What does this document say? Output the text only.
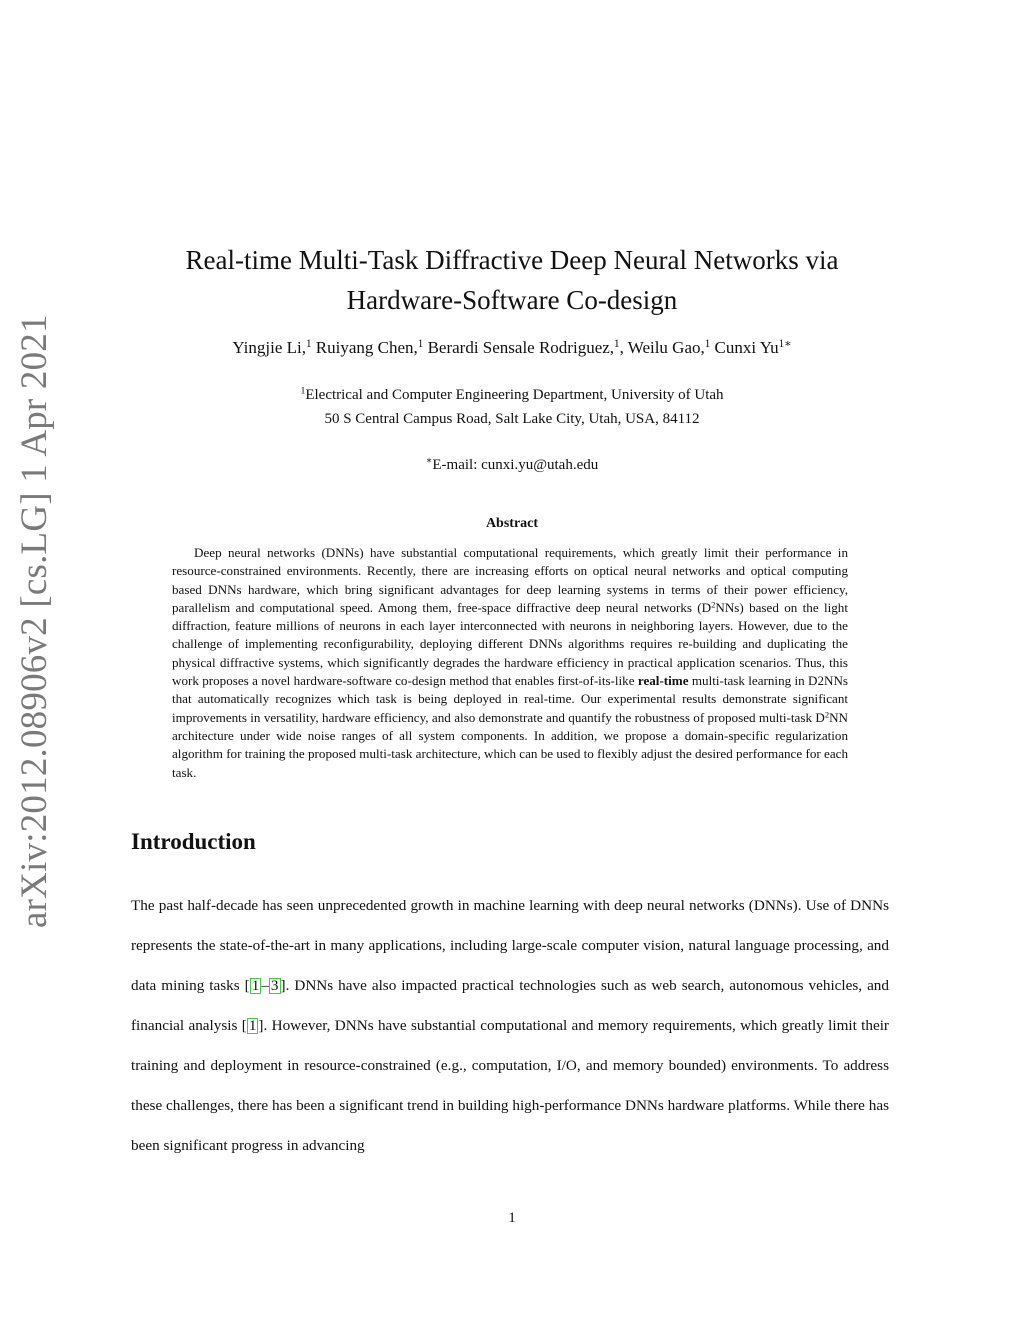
arXiv:2012.08906v2 [cs.LG] 1 Apr 2021
Real-time Multi-Task Diffractive Deep Neural Networks via
Hardware-Software Co-design
Yingjie Li,$^1$ Ruiyang Chen,$^1$ Berardi Sensale Rodriguez,$^1$, Weilu Gao,$^1$ Cunxi $Yu^{1∗}$
$^1$Electrical and Computer Engineering Department, University of Utah
50 S Central Campus Road, Salt Lake City, Utah, USA, 84112
∗E-mail: cunxi.yu@utah.edu
Abstract

Deep neural networks (DNNs) have substantial computational requirements, which greatly limit their performance in resource-constrained environments. Recently, there are increasing efforts on optical neural networks and optical computing based DNNs hardware, which bring significant advantages for deep learning systems in terms of their power efficiency, parallelism and computational speed. Among them, free-space diffractive deep neural networks $(D^2NNs)$ based on the light diffraction, feature millions of neurons in each layer interconnected with neurons in neighboring layers. However, due to the challenge of implementing reconfigurability, deploying different DNNs algorithms requires re-building and duplicating the physical diffractive systems, which significantly degrades the hardware efficiency in practical application scenarios. Thus, this work proposes a novel hardware-software co-design method that enables first-of-its-like real-time multi-task learning in D2NNs that automatically recognizes which task is being deployed in real-time. Our experimental results demonstrate significant improvements in versatility, hardware efficiency, and also demonstrate and quantify the robustness of proposed multi-task $D^2NN$ architecture under wide noise ranges of all system components. In addition, we propose a domain-specific regularization algorithm for training the proposed multi-task architecture, which can be used to flexibly adjust the desired performance for each task.

Introduction

The past half-decade has seen unprecedented growth in machine learning with deep neural networks (DNNs). Use of DNNs represents the state-of-the-art in many applications, including large-scale computer vision, natural language processing, and data mining tasks [ 1 – 3 ]. DNNs have also impacted practical technologies such as web search, autonomous vehicles, and financial analysis [ 1 ]. However, DNNs have substantial computational and memory requirements, which greatly limit their training and deployment in resource-constrained (e.g., computation, I/O, and memory bounded) environments. To address these challenges, there has been a significant trend in building high-performance DNNs hardware platforms. While there has been significant progress in advancing

1
